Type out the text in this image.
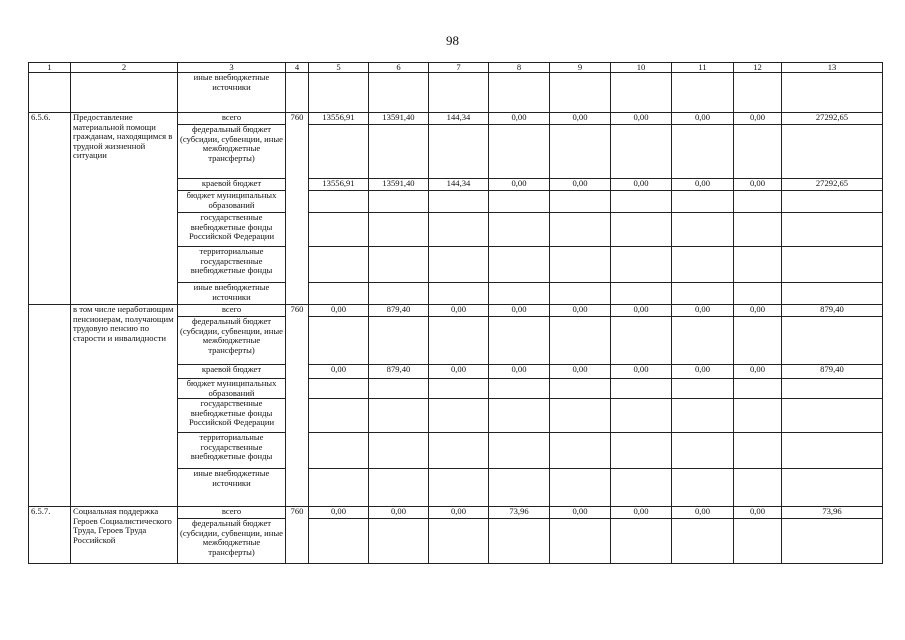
98
1	2	3	4	5	6	7	8	9	10	11	12	13
		иные внебюджетные источники										
6.5.6.	Предоставление материальной помощи гражданам, находящимся в трудной жизненной ситуации	всего	760	13556,91	13591,40	144,34	0,00	0,00	0,00	0,00	0,00	27292,65
		федеральный бюджет (субсидии, субвенции, иные межбюджетные трансферты)										
		краевой бюджет		13556,91	13591,40	144,34	0,00	0,00	0,00	0,00	0,00	27292,65
		бюджет муниципальных образований										
		государственные внебюджетные фонды Российской Федерации										
		территориальные государственные внебюджетные фонды										
		иные внебюджетные источники										
	в том числе неработающим пенсионерам, получающим трудовую пенсию по старости и инвалидности	всего	760	0,00	879,40	0,00	0,00	0,00	0,00	0,00	0,00	879,40
		федеральный бюджет (субсидии, субвенции, иные межбюджетные трансферты)										
		краевой бюджет		0,00	879,40	0,00	0,00	0,00	0,00	0,00	0,00	879,40
		бюджет муниципальных образований										
		государственные внебюджетные фонды Российской Федерации										
		территориальные государственные внебюджетные фонды										
		иные внебюджетные источники										
6.5.7.	Социальная поддержка Героев Социалистического Труда, Героев Труда Российской	всего	760	0,00	0,00	0,00	73,96	0,00	0,00	0,00	0,00	73,96
		федеральный бюджет (субсидии, субвенции, иные межбюджетные трансферты)										
